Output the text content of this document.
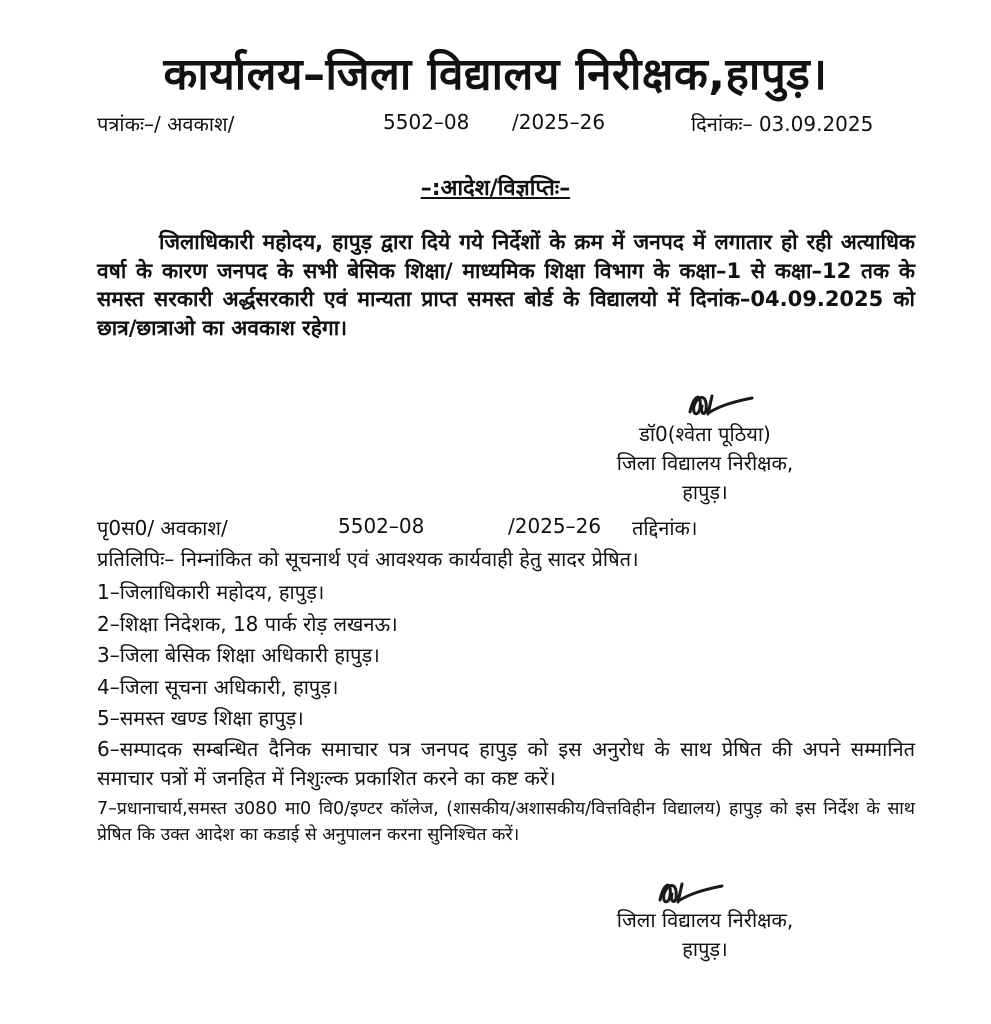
कार्यालय–जिला विद्यालय निरीक्षक,हापुड़।
पत्रांकः–/ अवकाश/	5502–08 /2025–26	दिनांकः– 03.09.2025
–:आदेश/विज्ञप्तिः–
जिलाधिकारी महोदय, हापुड़ द्वारा दिये गये निर्देशों के क्रम में जनपद में लगातार हो रही अत्याधिक वर्षा के कारण जनपद के सभी बेसिक शिक्षा/ माध्यमिक शिक्षा विभाग के कक्षा–1 से कक्षा–12 तक के समस्त सरकारी अर्द्धसरकारी एवं मान्यता प्राप्त समस्त बोर्ड के विद्यालयो में दिनांक–04.09.2025 को छात्र/छात्राओ का अवकाश रहेगा।
डॉ0(श्वेता पूठिया)
जिला विद्यालय निरीक्षक,
हापुड़।
पृ0स0/ अवकाश/	5502–08	/2025–26 तद्दिनांक।
प्रतिलिपिः– निम्नांकित को सूचनार्थ एवं आवश्यक कार्यवाही हेतु सादर प्रेषित।
1–जिलाधिकारी महोदय, हापुड़।
2–शिक्षा निदेशक, 18 पार्क रोड़ लखनऊ।
3–जिला बेसिक शिक्षा अधिकारी हापुड़।
4–जिला सूचना अधिकारी, हापुड़।
5–समस्त खण्ड शिक्षा हापुड़।
6–सम्पादक सम्बन्धित दैनिक समाचार पत्र जनपद हापुड़ को इस अनुरोध के साथ प्रेषित की अपने सम्मानित समाचार पत्रों में जनहित में निशुःल्क प्रकाशित करने का कष्ट करें।
7–प्रधानाचार्य,समस्त उ080 मा0 वि0/इण्टर कॉलेज, (शासकीय/अशासकीय/वित्तविहीन विद्यालय) हापुड़ को इस निर्देश के साथ प्रेषित कि उक्त आदेश का कडाई से अनुपालन करना सुनिश्चित करें।
जिला विद्यालय निरीक्षक,
हापुड़।
